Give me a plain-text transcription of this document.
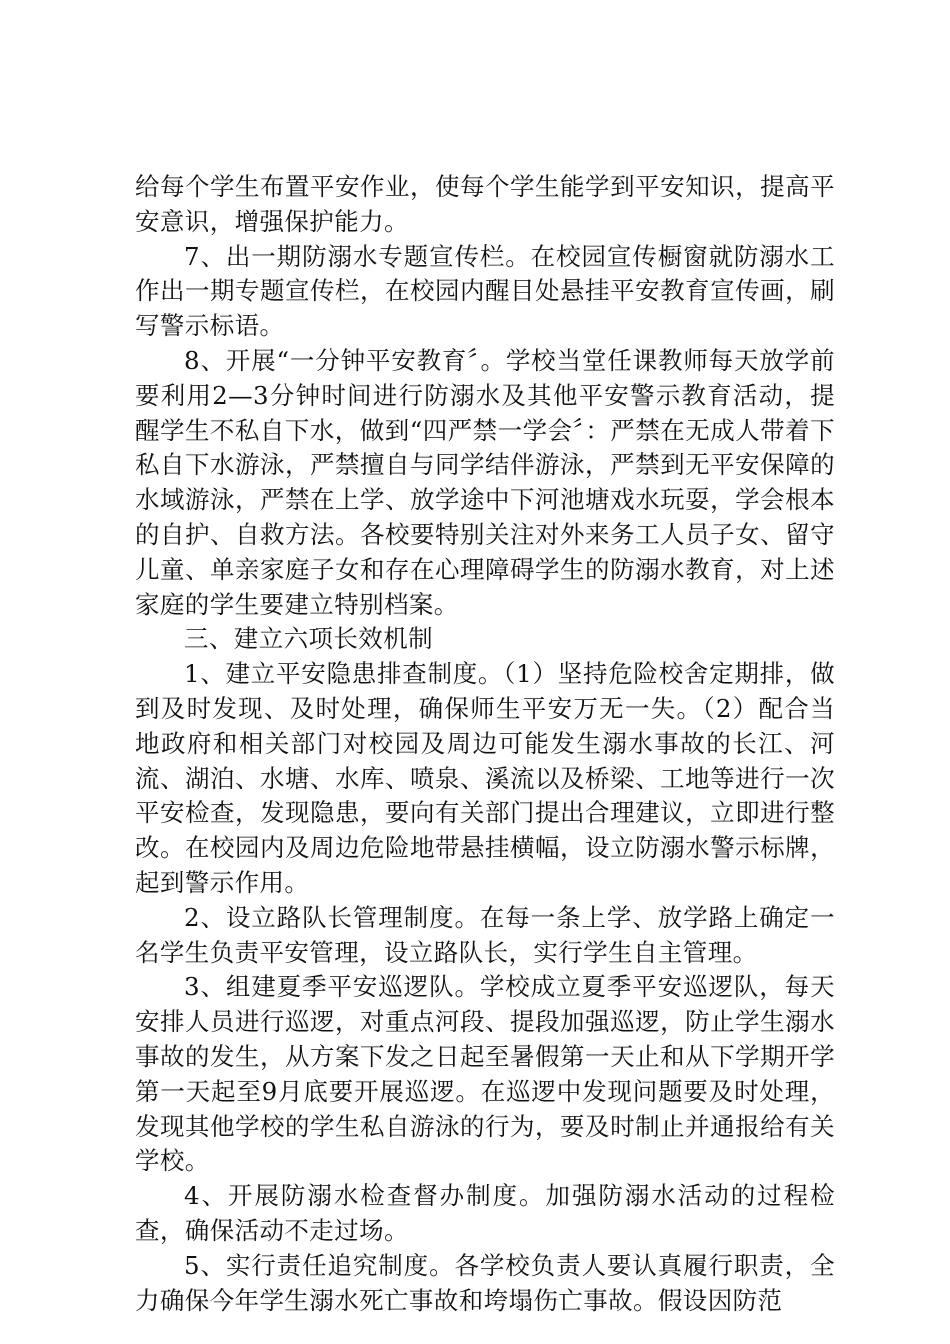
给每个学生布置平安作业，使每个学生能学到平安知识，提高平安意识，增强保护能力。

7、出一期防溺水专题宣传栏。在校园宣传橱窗就防溺水工作出一期专题宣传栏，在校园内醒目处悬挂平安教育宣传画，刷写警示标语。

8、开展“一分钟平安教育〞。学校当堂任课教师每天放学前要利用2—3分钟时间进行防溺水及其他平安警示教育活动，提醒学生不私自下水，做到“四严禁一学会〞：严禁在无成人带着下私自下水游泳，严禁擅自与同学结伴游泳，严禁到无平安保障的水域游泳，严禁在上学、放学途中下河池塘戏水玩耍，学会根本的自护、自救方法。各校要特别关注对外来务工人员子女、留守儿童、单亲家庭子女和存在心理障碍学生的防溺水教育，对上述家庭的学生要建立特别档案。

三、建立六项长效机制

1、建立平安隐患排查制度。（1）坚持危险校舍定期排，做到及时发现、及时处理，确保师生平安万无一失。（2）配合当地政府和相关部门对校园及周边可能发生溺水事故的长江、河流、湖泊、水塘、水库、喷泉、溪流以及桥梁、工地等进行一次平安检查，发现隐患，要向有关部门提出合理建议，立即进行整改。在校园内及周边危险地带悬挂横幅，设立防溺水警示标牌，起到警示作用。

2、设立路队长管理制度。在每一条上学、放学路上确定一名学生负责平安管理，设立路队长，实行学生自主管理。

3、组建夏季平安巡逻队。学校成立夏季平安巡逻队，每天安排人员进行巡逻，对重点河段、提段加强巡逻，防止学生溺水事故的发生，从方案下发之日起至暑假第一天止和从下学期开学第一天起至9月底要开展巡逻。在巡逻中发现问题要及时处理，发现其他学校的学生私自游泳的行为，要及时制止并通报给有关学校。

4、开展防溺水检查督办制度。加强防溺水活动的过程检查，确保活动不走过场。

5、实行责任追究制度。各学校负责人要认真履行职责，全力确保今年学生溺水死亡事故和垮塌伤亡事故。假设因防范
